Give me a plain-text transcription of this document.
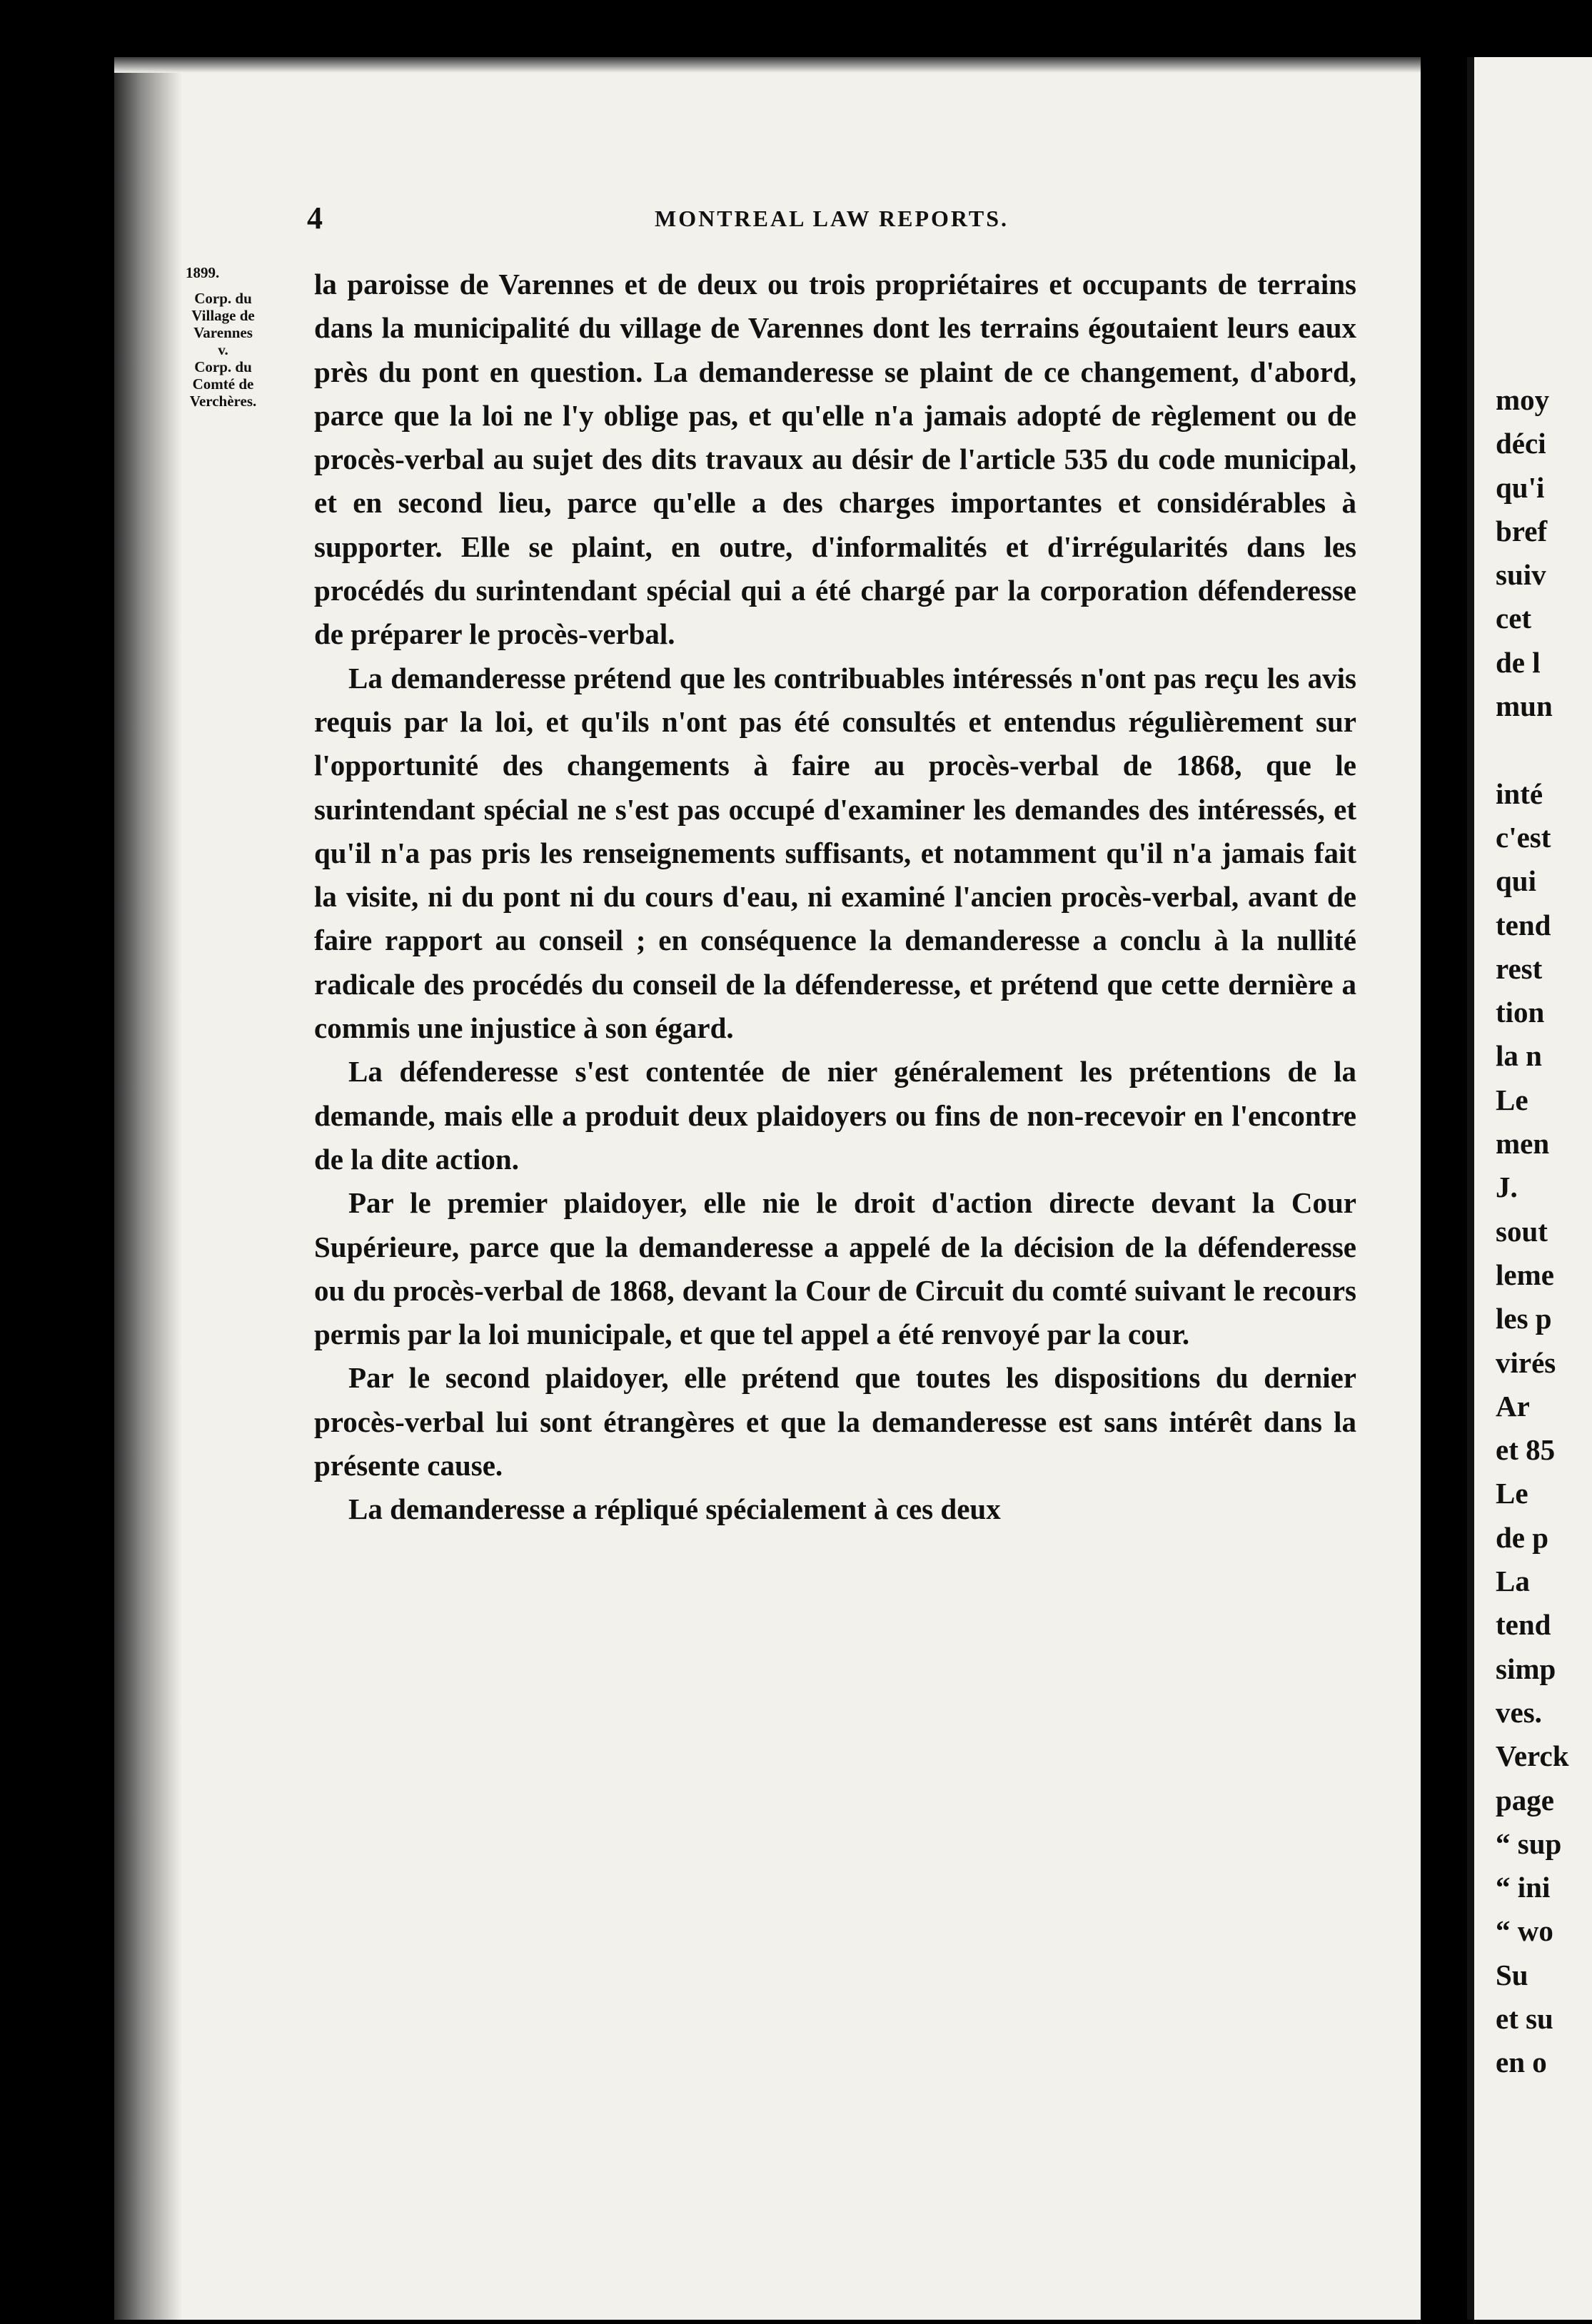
4	MONTREAL LAW REPORTS.
1899.
Corp. du
Village de
Varennes
v.
Corp. du
Comté de
Verchères.

la paroisse de Varennes et de deux ou trois propriétaires et occupants de terrains dans la municipalité du village de Varennes dont les terrains égoutaient leurs eaux près du pont en question. La demanderesse se plaint de ce changement, d'abord, parce que la loi ne l'y oblige pas, et qu'elle n'a jamais adopté de règlement ou de procès-verbal au sujet des dits travaux au désir de l'article 535 du code municipal, et en second lieu, parce qu'elle a des charges importantes et considérables à supporter. Elle se plaint, en outre, d'informalités et d'irrégularités dans les procédés du surintendant spécial qui a été chargé par la corporation défenderesse de préparer le procès-verbal.

La demanderesse prétend que les contribuables intéressés n'ont pas reçu les avis requis par la loi, et qu'ils n'ont pas été consultés et entendus régulièrement sur l'opportunité des changements à faire au procès-verbal de 1868, que le surintendant spécial ne s'est pas occupé d'examiner les demandes des intéressés, et qu'il n'a pas pris les renseignements suffisants, et notamment qu'il n'a jamais fait la visite, ni du pont ni du cours d'eau, ni examiné l'ancien procès-verbal, avant de faire rapport au conseil ; en conséquence la demanderesse a conclu à la nullité radicale des procédés du conseil de la défenderesse, et prétend que cette dernière a commis une injustice à son égard.

La défenderesse s'est contentée de nier généralement les prétentions de la demande, mais elle a produit deux plaidoyers ou fins de non-recevoir en l'encontre de la dite action.

Par le premier plaidoyer, elle nie le droit d'action directe devant la Cour Supérieure, parce que la demanderesse a appelé de la décision de la défenderesse ou du procès-verbal de 1868, devant la Cour de Circuit du comté suivant le recours permis par la loi municipale, et que tel appel a été renvoyé par la cour.

Par le second plaidoyer, elle prétend que toutes les dispositions du dernier procès-verbal lui sont étrangères et que la demanderesse est sans intérêt dans la présente cause.

La demanderesse a répliqué spécialement à ces deux

moy
déci
qu'i
bref
suiv
cet
de l
mun
inté
c'est
qui
tend
rest
tion
la n
Le
men
J.
sout
leme
les p
virés
Ar
et 85
Le
de p
La
tend
simp
ves.
Verck
page
“ sup
“ ini
“ wo
Su
et su
en o
